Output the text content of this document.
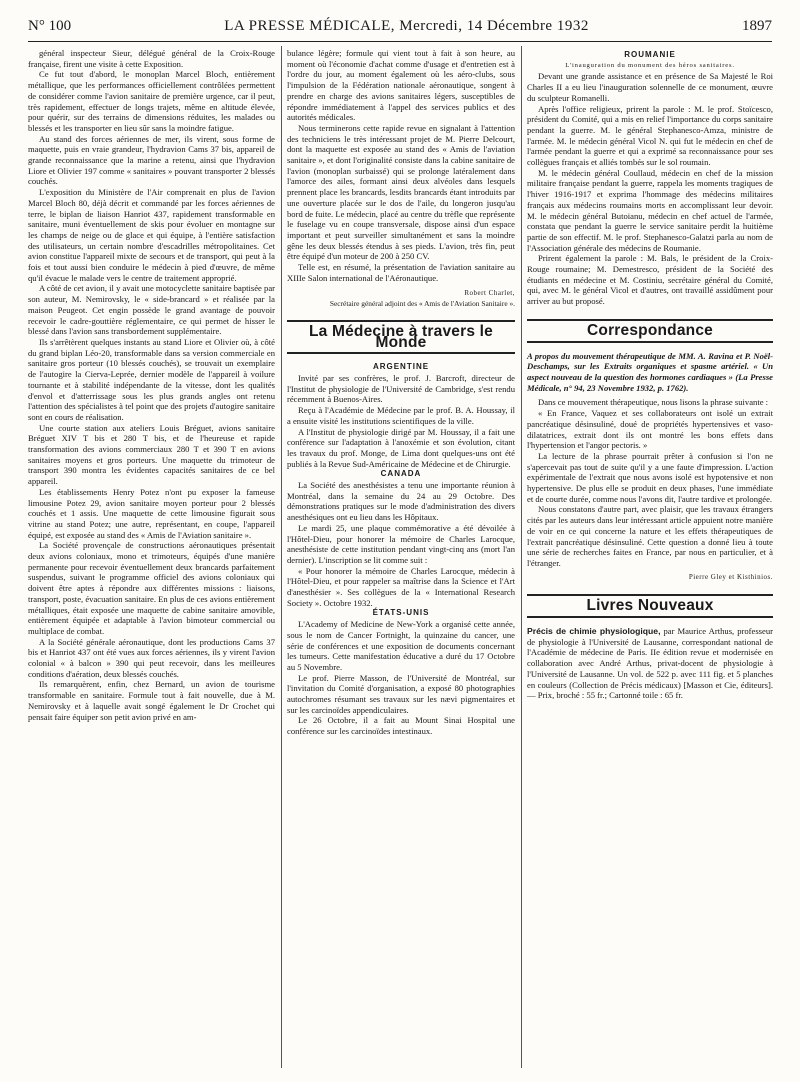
N° 100	LA PRESSE MÉDICALE, Mercredi, 14 Décembre 1932	1897

général inspecteur Sieur, délégué général de la Croix-Rouge française, firent une visite à cette Exposition.

Ce fut tout d'abord, le monoplan Marcel Bloch, entièrement métallique, que les performances officiellement contrôlées permettent de considérer comme l'avion sanitaire de première urgence, car il peut, très rapidement, effectuer de longs trajets, même en altitude élevée, pour quérir, sur des terrains de dimensions réduites, les malades ou blessés et les transporter en lieu sûr sans la moindre fatigue.

Au stand des forces aériennes de mer, ils virent, sous forme de maquette, puis en vraie grandeur, l'hydravion Cams 37 bis, appareil de grande reconnaissance que la marine a retenu, ainsi que l'hydravion Liore et Olivier 197 comme « sanitaires » pouvant transporter 2 blessés couchés.

L'exposition du Ministère de l'Air comprenait en plus de l'avion Marcel Bloch 80, déjà décrit et commandé par les forces aériennes de terre, le biplan de liaison Hanriot 437, rapidement transformable en sanitaire, muni éventuellement de skis pour évoluer en montagne sur les champs de neige ou de glace et qui équipe, à l'entière satisfaction des utilisateurs, un certain nombre d'escadrilles métropolitaines. Cet avion constitue l'appareil mixte de secours et de transport, qui peut à la fois et tout aussi bien conduire le médecin à pied d'œuvre, de même qu'il évacue le malade vers le centre de traitement approprié.

A côté de cet avion, il y avait une motocyclette sanitaire baptisée par son auteur, M. Nemirovsky, le « side-brancard » et réalisée par la maison Peugeot. Cet engin possède le grand avantage de pouvoir recevoir le cadre-gouttière réglementaire, ce qui permet de hisser le blessé dans l'avion sans transbordement supplémentaire.

Ils s'arrêtèrent quelques instants au stand Liore et Olivier où, à côté du grand biplan Léo-20, transformable dans sa version commerciale en sanitaire gros porteur (10 blessés couchés), se trouvait un exemplaire de l'autogire la Cierva-Leprée, dernier modèle de l'appareil à voilure tournante et à stabilité indépendante de la vitesse, dont les qualités d'envol et d'atterrissage sous les plus grands angles ont retenu l'attention des spécialistes à tel point que des projets d'autogire sanitaire sont en cours de réalisation.

Une courte station aux ateliers Louis Bréguet, avions sanitaire Bréguet XIV T bis et 280 T bis, et de l'heureuse et rapide transformation des avions commerciaux 280 T et 390 T en avions sanitaires moyens et gros porteurs. Une maquette du trimoteur de transport 390 montra les évidentes capacités sanitaires de ce bel appareil.

Les établissements Henry Potez n'ont pu exposer la fameuse limousine Potez 29, avion sanitaire moyen porteur pour 2 blessés couchés et 1 assis. Une maquette de cette limousine figurait sous vitrine au stand Potez; une autre, représentant, en coupe, l'appareil équipé, est exposée au stand des « Amis de l'Aviation sanitaire ».

La Société provençale de constructions aéronautiques présentait deux avions coloniaux, mono et trimoteurs, équipés d'une manière permanente pour recevoir éventuellement deux brancards parfaitement suspendus, suivant le programme officiel des avions coloniaux qui doivent être aptes à répondre aux différentes missions : liaisons, transport, poste, évacuation sanitaire. En plus de ces avions entièrement métalliques, était exposée une maquette de cabine sanitaire amovible, entièrement équipée et adaptable à l'avion bimoteur commercial ou multiplace de combat.

A la Société générale aéronautique, dont les productions Cams 37 bis et Hanriot 437 ont été vues aux forces aériennes, ils y virent l'avion colonial « à balcon » 390 qui peut recevoir, dans les meilleures conditions d'aération, deux blessés couchés.

Ils remarquèrent, enfin, chez Bernard, un avion de tourisme transformable en sanitaire. Formule tout à fait nouvelle, due à M. Nemirovsky et à laquelle avait songé également le Dr Crochet qui pensait faire équiper son petit avion privé en am-

bulance légère; formule qui vient tout à fait à son heure, au moment où l'économie d'achat comme d'usage et d'entretien est à l'ordre du jour, au moment également où les aéro-clubs, sous l'impulsion de la Fédération nationale aéronautique, songent à prendre en charge des avions sanitaires légers, susceptibles de répondre immédiatement à l'appel des services publics et des autorités médicales.

Nous terminerons cette rapide revue en signalant à l'attention des techniciens le très intéressant projet de M. Pierre Delcourt, dont la maquette est exposée au stand des « Amis de l'aviation sanitaire », et dont l'originalité consiste dans la cabine sanitaire de l'avion (monoplan surbaissé) qui se prolonge latéralement dans l'amorce des ailes, formant ainsi deux alvéoles dans lesquels prennent place les brancards, lesdits brancards étant introduits par une ouverture placée sur le dos de l'aile, du longeron jusqu'au bord de fuite. Le médecin, placé au centre du trèfle que représente le fuselage vu en coupe transversale, dispose ainsi d'un espace important et peut surveiller simultanément et sans la moindre gêne les deux blessés étendus à ses pieds. L'avion, très fin, peut être équipé d'un moteur de 200 à 250 CV.

Telle est, en résumé, la présentation de l'aviation sanitaire au XIIIe Salon international de l'Aéronautique.

Robert Charlet,

Secrétaire général adjoint des « Amis de l'Aviation Sanitaire ».

La Médecine à travers le Monde

ARGENTINE

Invité par ses confrères, le prof. J. Barcroft, directeur de l'Institut de physiologie de l'Université de Cambridge, s'est rendu récemment à Buenos-Aires.

Reçu à l'Académie de Médecine par le prof. B. A. Houssay, il a ensuite visité les institutions scientifiques de la ville.

A l'Institut de physiologie dirigé par M. Houssay, il a fait une conférence sur l'adaptation à l'anoxémie et son évolution, citant les travaux du prof. Monge, de Lima dont quelques-uns ont été publiés à la Revue Sud-Américaine de Médecine et de Chirurgie.

CANADA

La Société des anesthésistes a tenu une importante réunion à Montréal, dans la semaine du 24 au 29 Octobre. Des démonstrations pratiques sur le mode d'administration des divers anesthésiques ont eu lieu dans les Hôpitaux.

Le mardi 25, une plaque commémorative a été dévoilée à l'Hôtel-Dieu, pour honorer la mémoire de Charles Larocque, anesthésiste de cette institution pendant vingt-cinq ans (mort l'an dernier). L'inscription se lit comme suit :

« Pour honorer la mémoire de Charles Larocque, médecin à l'Hôtel-Dieu, et pour rappeler sa maîtrise dans la Science et l'Art d'anesthésier ». Ses collègues de la « International Research Society ». Octobre 1932.

ÉTATS-UNIS

L'Academy of Medicine de New-York a organisé cette année, sous le nom de Cancer Fortnight, la quinzaine du cancer, une série de conférences et une exposition de documents concernant les tumeurs. Cette manifestation éducative a duré du 17 Octobre au 5 Novembre.

Le prof. Pierre Masson, de l'Université de Montréal, sur l'invitation du Comité d'organisation, a exposé 80 photographies autochromes résumant ses travaux sur les nævi pigmentaires et sur les carcinoïdes appendiculaires.

Le 26 Octobre, il a fait au Mount Sinai Hospital une conférence sur les carcinoïdes intestinaux.

ROUMANIE

L'inauguration du monument des héros sanitaires.

Devant une grande assistance et en présence de Sa Majesté le Roi Charles II a eu lieu l'inauguration solennelle de ce monument, œuvre du sculpteur Romanelli.

Après l'office religieux, prirent la parole : M. le prof. Stoïcesco, président du Comité, qui a mis en relief l'importance du corps sanitaire pendant la guerre. M. le général Stephanesco-Amza, ministre de l'armée. M. le médecin général Vicol N. qui fut le médecin en chef de l'armée pendant la guerre et qui a exprimé sa reconnaissance pour ses collègues français et alliés tombés sur le sol roumain.

M. le médecin général Coullaud, médecin en chef de la mission militaire française pendant la guerre, rappela les moments tragiques de l'hiver 1916-1917 et exprima l'hommage des médecins militaires français aux médecins roumains morts en accomplissant leur devoir. M. le médecin général Butoianu, médecin en chef actuel de l'armée, constata que pendant la guerre le service sanitaire perdit la huitième partie de son effectif. M. le prof. Stephanesco-Galatzi parla au nom de l'Association générale des médecins de Roumanie.

Prirent également la parole : M. Bals, le président de la Croix-Rouge roumaine; M. Demestresco, président de la Société des étudiants en médecine et M. Costiniu, secrétaire général du Comité, qui, avec M. le général Vicol et d'autres, ont travaillé assidûment pour arriver au but proposé.

Correspondance

A propos du mouvement thérapeutique de MM. A. Ravina et P. Noël-Deschamps, sur les Extraits organiques et spasme artériel. « Un aspect nouveau de la question des hormones cardiaques » (La Presse Médicale, n° 94, 23 Novembre 1932, p. 1762).

Dans ce mouvement thérapeutique, nous lisons la phrase suivante :

« En France, Vaquez et ses collaborateurs ont isolé un extrait pancréatique désinsuliné, doué de propriétés hypertensives et vaso-dilatatrices, extrait dont ils ont montré les bons effets dans l'hypertension et l'angor pectoris. »

La lecture de la phrase pourrait prêter à confusion si l'on ne s'apercevait pas tout de suite qu'il y a une faute d'impression. L'action expérimentale de l'extrait que nous avons isolé est hypotensive et non hypertensive. De plus elle se produit en deux phases, l'une immédiate et de courte durée, comme nous l'avons dit, l'autre tardive et prolongée.

Nous constatons d'autre part, avec plaisir, que les travaux étrangers cités par les auteurs dans leur intéressant article appuient notre manière de voir en ce qui concerne la nature et les effets thérapeutiques de l'extrait pancréatique désinsuliné. Cette question a donné lieu à toute une série de recherches faites en France, par nous en particulier, et à l'étranger.

Pierre Gley et Kisthinios.

Livres Nouveaux

Précis de chimie physiologique, par Maurice Arthus, professeur de physiologie à l'Université de Lausanne, correspondant national de l'Académie de médecine de Paris. IIe édition revue et modernisée en collaboration avec André Arthus, privat-docent de physiologie à l'Université de Lausanne. Un vol. de 522 p. avec 111 fig. et 5 planches en couleurs (Collection de Précis médicaux) [Masson et Cie, éditeurs]. — Prix, broché : 55 fr.; Cartonné toile : 65 fr.
